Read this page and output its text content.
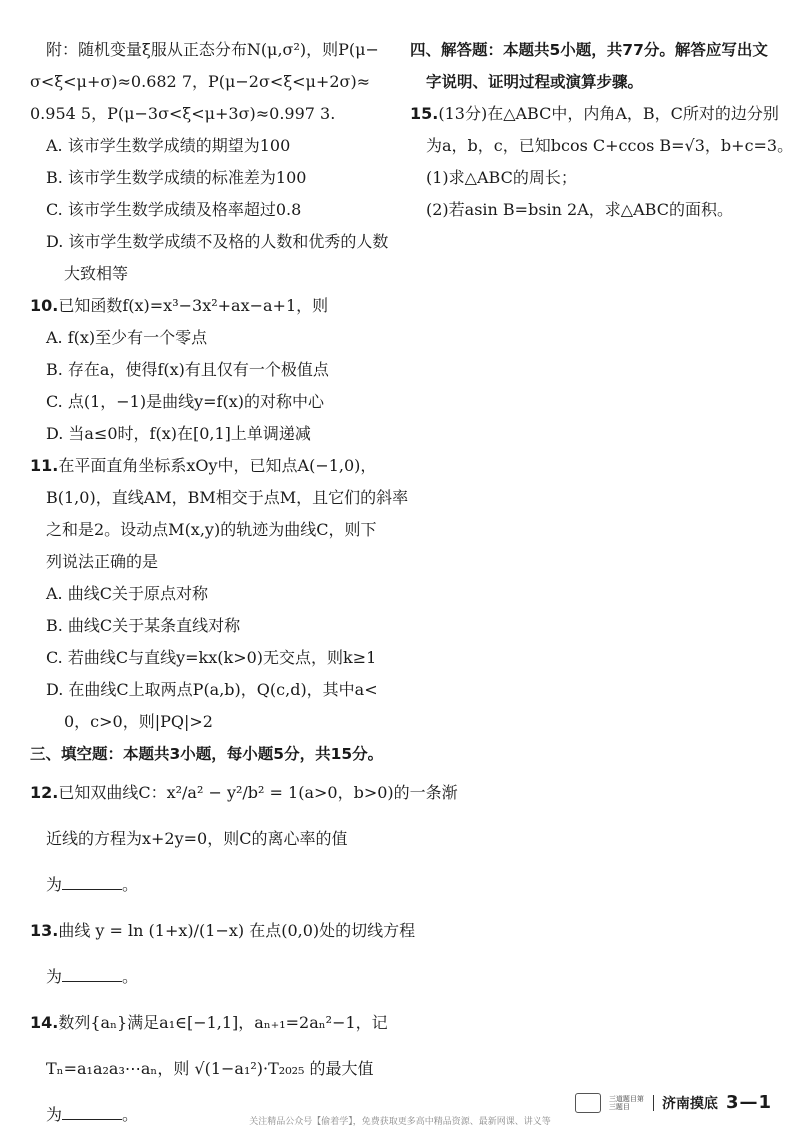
附：随机变量ξ服从正态分布N(μ,σ²)，则P(μ−

σ<ξ<μ+σ)≈0.682 7，P(μ−2σ<ξ<μ+2σ)≈

0.954 5，P(μ−3σ<ξ<μ+3σ)≈0.997 3.

A. 该市学生数学成绩的期望为100

B. 该市学生数学成绩的标准差为100

C. 该市学生数学成绩及格率超过0.8

D. 该市学生数学成绩不及格的人数和优秀的人数

大致相等

10.已知函数f(x)=x³−3x²+ax−a+1，则

A. f(x)至少有一个零点

B. 存在a，使得f(x)有且仅有一个极值点

C. 点(1，−1)是曲线y=f(x)的对称中心

D. 当a≤0时，f(x)在[0,1]上单调递减

11.在平面直角坐标系xOy中，已知点A(−1,0)，

B(1,0)，直线AM，BM相交于点M，且它们的斜率

之和是2。设动点M(x,y)的轨迹为曲线C，则下

列说法正确的是

A. 曲线C关于原点对称

B. 曲线C关于某条直线对称

C. 若曲线C与直线y=kx(k>0)无交点，则k≥1

D. 在曲线C上取两点P(a,b)，Q(c,d)，其中a<

0，c>0，则|PQ|>2

三、填空题：本题共3小题，每小题5分，共15分。

12.已知双曲线C：x²/a² − y²/b² = 1(a>0，b>0)的一条渐

近线的方程为x+2y=0，则C的离心率的值

为	。

13.曲线 y = ln (1+x)/(1−x) 在点(0,0)处的切线方程

为	。

14.数列{aₙ}满足a₁∈[−1,1]，aₙ₊₁=2aₙ²−1，记

Tₙ=a₁a₂a₃⋯aₙ，则 √(1−a₁²)·T₂₀₂₅ 的最大值

为	。

四、解答题：本题共5小题，共77分。解答应写出文

字说明、证明过程或演算步骤。

15.(13分)在△ABC中，内角A，B，C所对的边分别

为a，b，c，已知bcos C+ccos B=√3，b+c=3。

(1)求△ABC的周长；

(2)若asin B=bsin 2A，求△ABC的面积。

三道题目第三题目	济南摸底 3—1
关注精品公众号【偷着学】，免费获取更多高中精品资源、最新网课、讲义等
